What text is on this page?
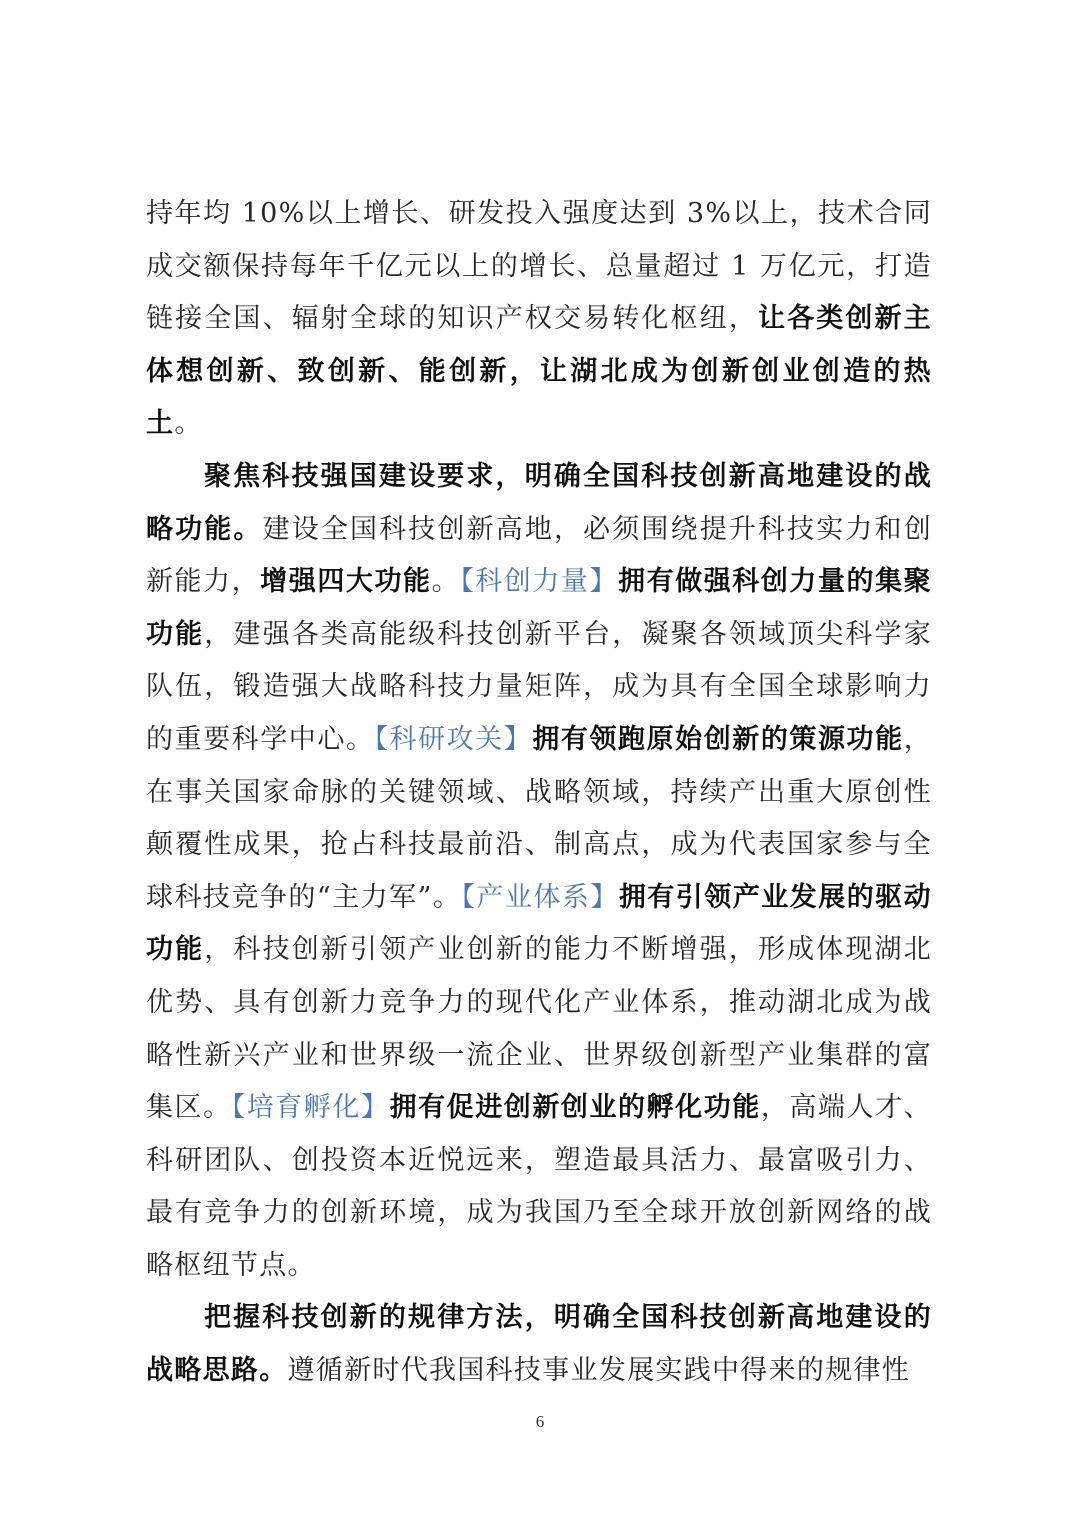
持年均 10%以上增长、研发投入强度达到 3%以上，技术合同成交额保持每年千亿元以上的增长、总量超过 1 万亿元，打造链接全国、辐射全球的知识产权交易转化枢纽，让各类创新主体想创新、致创新、能创新，让湖北成为创新创业创造的热土。

聚焦科技强国建设要求，明确全国科技创新高地建设的战略功能。建设全国科技创新高地，必须围绕提升科技实力和创新能力，增强四大功能。【科创力量】拥有做强科创力量的集聚功能，建强各类高能级科技创新平台，凝聚各领域顶尖科学家队伍，锻造强大战略科技力量矩阵，成为具有全国全球影响力的重要科学中心。【科研攻关】拥有领跑原始创新的策源功能，在事关国家命脉的关键领域、战略领域，持续产出重大原创性颠覆性成果，抢占科技最前沿、制高点，成为代表国家参与全球科技竞争的“主力军”。【产业体系】拥有引领产业发展的驱动功能，科技创新引领产业创新的能力不断增强，形成体现湖北优势、具有创新力竞争力的现代化产业体系，推动湖北成为战略性新兴产业和世界级一流企业、世界级创新型产业集群的富集区。【培育孵化】拥有促进创新创业的孵化功能，高端人才、科研团队、创投资本近悦远来，塑造最具活力、最富吸引力、最有竞争力的创新环境，成为我国乃至全球开放创新网络的战略枢纽节点。

把握科技创新的规律方法，明确全国科技创新高地建设的战略思路。遵循新时代我国科技事业发展实践中得来的规律性

6
